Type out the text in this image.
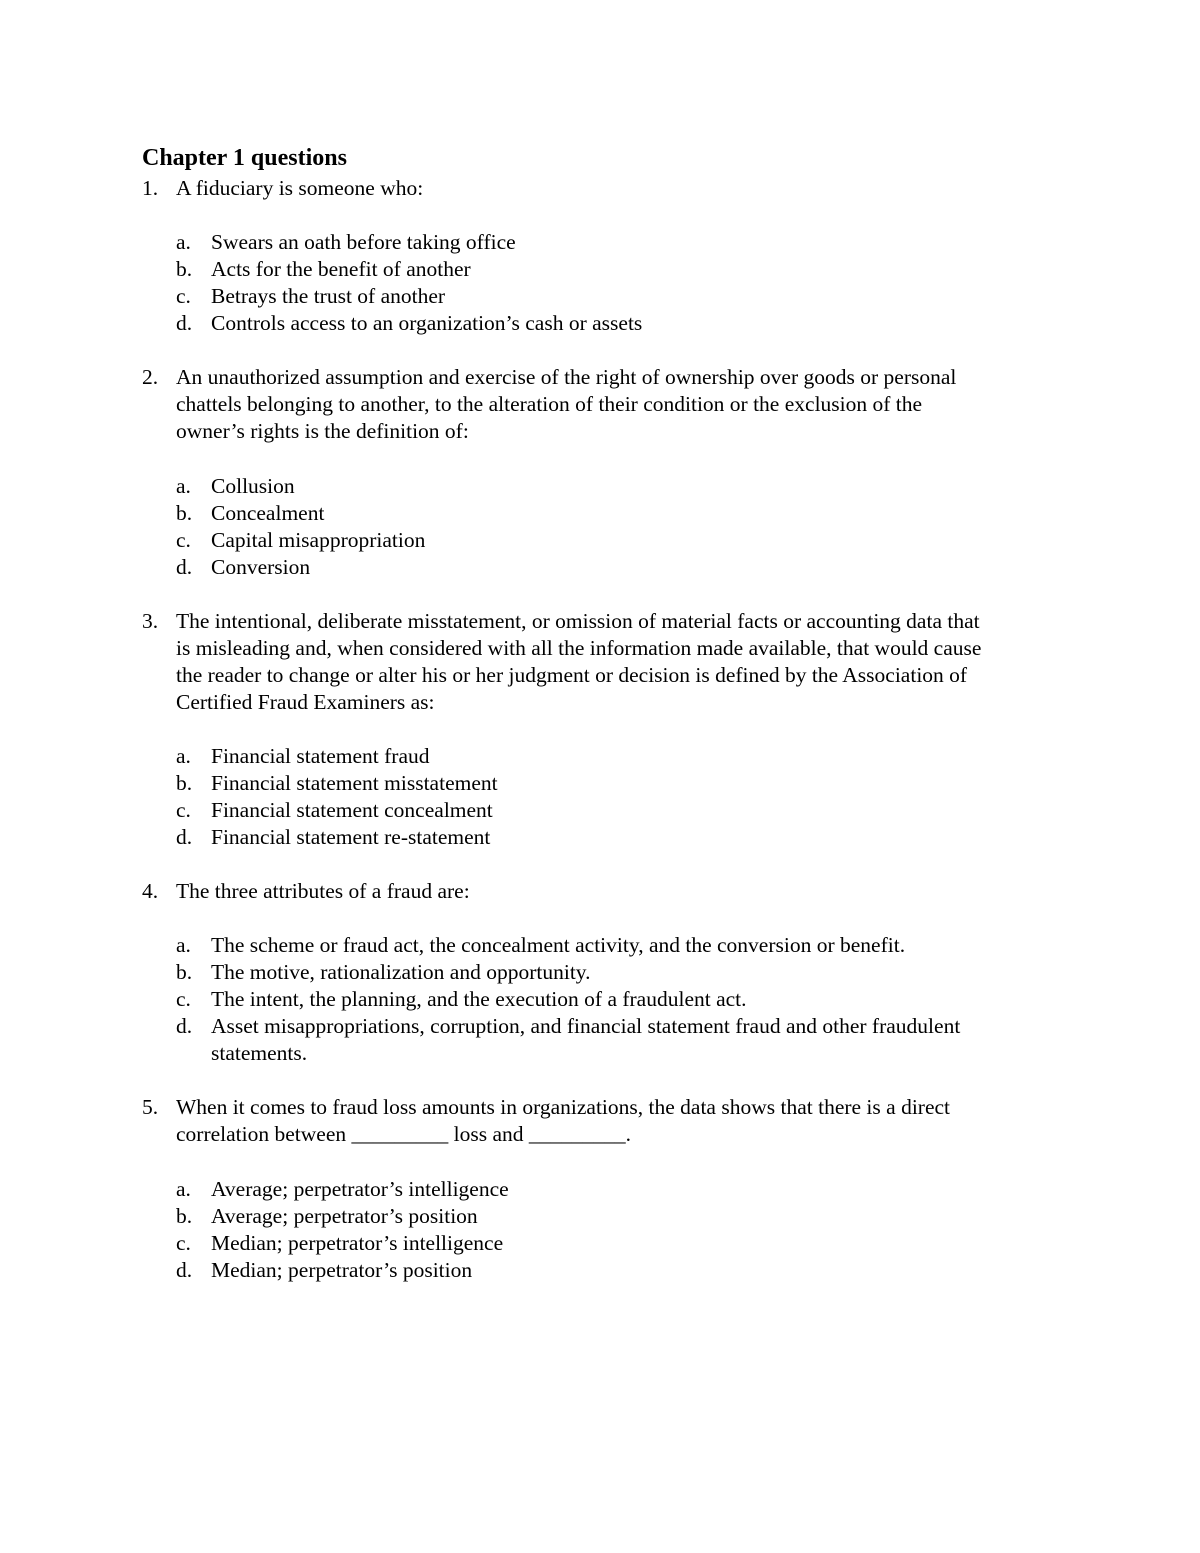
Chapter 1 questions
1. A fiduciary is someone who:
a. Swears an oath before taking office
b. Acts for the benefit of another
c. Betrays the trust of another
d. Controls access to an organization’s cash or assets
2. An unauthorized assumption and exercise of the right of ownership over goods or personal
chattels belonging to another, to the alteration of their condition or the exclusion of the
owner’s rights is the definition of:
a. Collusion
b. Concealment
c. Capital misappropriation
d. Conversion
3. The intentional, deliberate misstatement, or omission of material facts or accounting data that
is misleading and, when considered with all the information made available, that would cause
the reader to change or alter his or her judgment or decision is defined by the Association of
Certified Fraud Examiners as:
a. Financial statement fraud
b. Financial statement misstatement
c. Financial statement concealment
d. Financial statement re-statement
4. The three attributes of a fraud are:
a. The scheme or fraud act, the concealment activity, and the conversion or benefit.
b. The motive, rationalization and opportunity.
c. The intent, the planning, and the execution of a fraudulent act.
d. Asset misappropriations, corruption, and financial statement fraud and other fraudulent
statements.
5. When it comes to fraud loss amounts in organizations, the data shows that there is a direct
correlation between _________ loss and _________.
a. Average; perpetrator’s intelligence
b. Average; perpetrator’s position
c. Median; perpetrator’s intelligence
d. Median; perpetrator’s position
